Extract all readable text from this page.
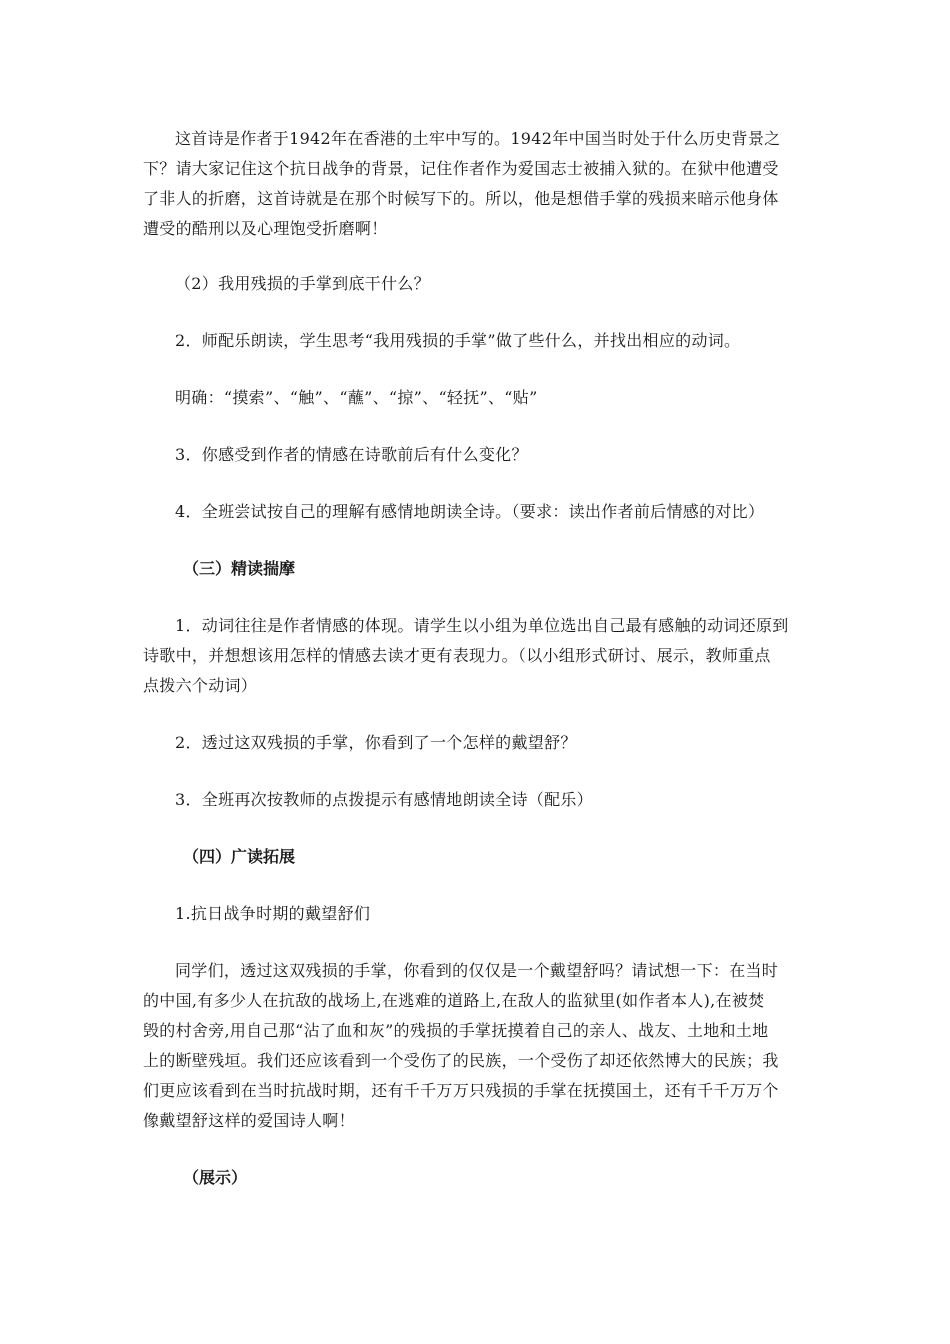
这首诗是作者于1942年在香港的土牢中写的。1942年中国当时处于什么历史背景之
下？请大家记住这个抗日战争的背景，记住作者作为爱国志士被捕入狱的。在狱中他遭受
了非人的折磨，这首诗就是在那个时候写下的。所以，他是想借手掌的残损来暗示他身体
遭受的酷刑以及心理饱受折磨啊！
（2）我用残损的手掌到底干什么？
2．师配乐朗读，学生思考“我用残损的手掌”做了些什么，并找出相应的动词。
明确：“摸索”、“触”、“蘸”、“掠”、“轻抚”、“贴”
3．你感受到作者的情感在诗歌前后有什么变化？
4．全班尝试按自己的理解有感情地朗读全诗。（要求：读出作者前后情感的对比）
（三）精读揣摩
1．动词往往是作者情感的体现。请学生以小组为单位选出自己最有感触的动词还原到
诗歌中，并想想该用怎样的情感去读才更有表现力。（以小组形式研讨、展示，教师重点
点拨六个动词）
2．透过这双残损的手掌，你看到了一个怎样的戴望舒？
3．全班再次按教师的点拨提示有感情地朗读全诗（配乐）
（四）广读拓展
1.抗日战争时期的戴望舒们
同学们，透过这双残损的手掌，你看到的仅仅是一个戴望舒吗？请试想一下：在当时
的中国,有多少人在抗敌的战场上,在逃难的道路上,在敌人的监狱里(如作者本人),在被焚
毁的村舍旁,用自己那“沾了血和灰”的残损的手掌抚摸着自己的亲人、战友、土地和土地
上的断壁残垣。我们还应该看到一个受伤了的民族，一个受伤了却还依然博大的民族；我
们更应该看到在当时抗战时期，还有千千万万只残损的手掌在抚摸国土，还有千千万万个
像戴望舒这样的爱国诗人啊！
（展示）
